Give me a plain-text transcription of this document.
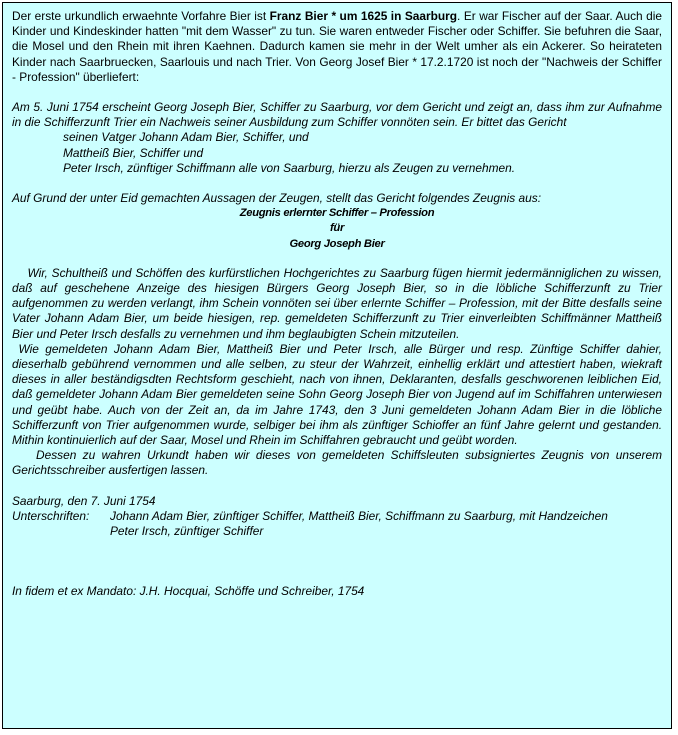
Der erste urkundlich erwaehnte Vorfahre Bier ist Franz Bier * um 1625 in Saarburg. Er war Fischer auf der Saar. Auch die Kinder und Kindeskinder hatten "mit dem Wasser" zu tun. Sie waren entweder Fischer oder Schiffer. Sie befuhren die Saar, die Mosel und den Rhein mit ihren Kaehnen. Dadurch kamen sie mehr in der Welt umher als ein Ackerer. So heirateten Kinder nach Saarbruecken, Saarlouis und nach Trier. Von Georg Josef Bier * 17.2.1720 ist noch der "Nachweis der Schiffer - Profession" überliefert:

Am 5. Juni 1754 erscheint Georg Joseph Bier, Schiffer zu Saarburg, vor dem Gericht und zeigt an, dass ihm zur Aufnahme in die Schifferzunft Trier ein Nachweis seiner Ausbildung zum Schiffer vonnöten sein. Er bittet das Gericht

seinen Vatger Johann Adam Bier, Schiffer, und

Mattheiß Bier, Schiffer und

Peter Irsch, zünftiger Schiffmann alle von Saarburg, hierzu als Zeugen zu vernehmen.

Auf Grund der unter Eid gemachten Aussagen der Zeugen, stellt das Gericht folgendes Zeugnis aus:

Zeugnis erlernter Schiffer – Profession

für

Georg Joseph Bier

Wir, Schultheiß und Schöffen des kurfürstlichen Hochgerichtes zu Saarburg fügen hiermit jedermänniglichen zu wissen, daß auf geschehene Anzeige des hiesigen Bürgers Georg Joseph Bier, so in die löbliche Schifferzunft zu Trier aufgenommen zu werden verlangt, ihm Schein vonnöten sei über erlernte Schiffer – Profession, mit der Bitte desfalls seine Vater Johann Adam Bier, um beide hiesigen, rep. gemeldeten Schifferzunft zu Trier einverleibten Schiffmänner Mattheiß Bier und Peter Irsch desfalls zu vernehmen und ihm beglaubigten Schein mitzuteilen.

Wie gemeldeten Johann Adam Bier, Mattheiß Bier und Peter Irsch, alle Bürger und resp. Zünftige Schiffer dahier, dieserhalb gebührend vernommen und alle selben, zu steur der Wahrzeit, einhellig erklärt und attestiert haben, wiekraft dieses in aller beständigsdten Rechtsform geschieht, nach von ihnen, Deklaranten, desfalls geschworenen leiblichen Eid, daß gemeldeter Johann Adam Bier gemeldeten seine Sohn Georg Joseph Bier von Jugend auf im Schiffahren unterwiesen und geübt habe. Auch von der Zeit an, da im Jahre 1743, den 3 Juni gemeldeten Johann Adam Bier in die löbliche Schifferzunft von Trier aufgenommen wurde, selbiger bei ihm als zünftiger Schioffer an fünf Jahre gelernt und gestanden. Mithin kontinuierlich auf der Saar, Mosel und Rhein im Schiffahren gebraucht und geübt worden.

Dessen zu wahren Urkundt haben wir dieses von gemeldeten Schiffsleuten subsigniertes Zeugnis von unserem Gerichtsschreiber ausfertigen lassen.

Saarburg, den 7. Juni 1754

Unterschriften:	Johann Adam Bier, zünftiger Schiffer, Mattheiß Bier, Schiffmann zu Saarburg, mit Handzeichen

Peter Irsch, zünftiger Schiffer

In fidem et ex Mandato: J.H. Hocquai, Schöffe und Schreiber, 1754
